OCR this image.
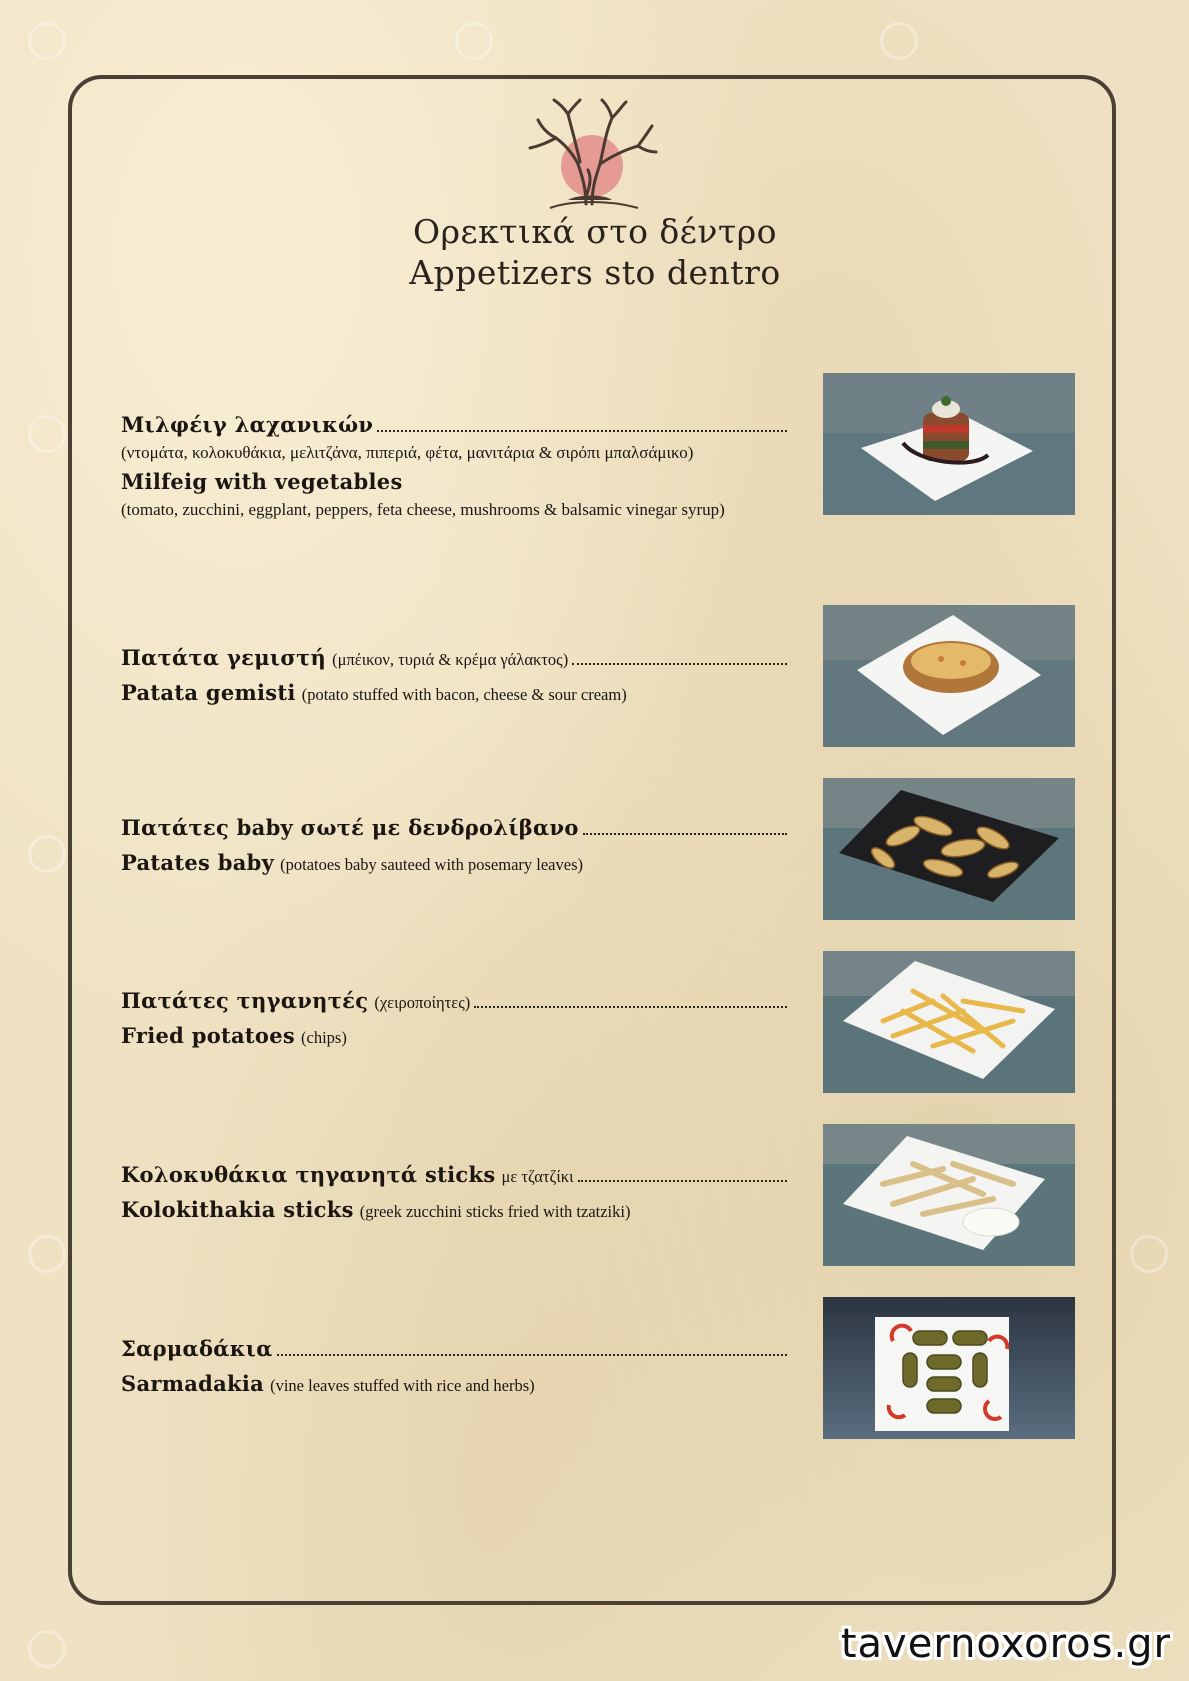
Ορεκτικά στο δέντρο
Appetizers sto dentro
Μιλφέιγ λαχανικών
(ντομάτα, κολοκυθάκια, μελιτζάνα, πιπεριά, φέτα, μανιτάρια & σιρόπι μπαλσάμικο)
Milfeig with vegetables
(tomato, zucchini, eggplant, peppers, feta cheese, mushrooms & balsamic vinegar syrup)
Πατάτα γεμιστή (μπέικον, τυριά & κρέμα γάλακτος)
Patata gemisti (potato stuffed with bacon, cheese & sour cream)
Πατάτες baby σωτέ με δενδρολίβανο
Patates baby (potatoes baby sauteed with posemary leaves)
Πατάτες τηγανητές (χειροποίητες)
Fried potatoes (chips)
Κολοκυθάκια τηγανητά sticks με τζατζίκι
Kolokithakia sticks (greek zucchini sticks fried with tzatziki)
Σαρμαδάκια
Sarmadakia (vine leaves stuffed with rice and herbs)
tavernoxoros.gr
